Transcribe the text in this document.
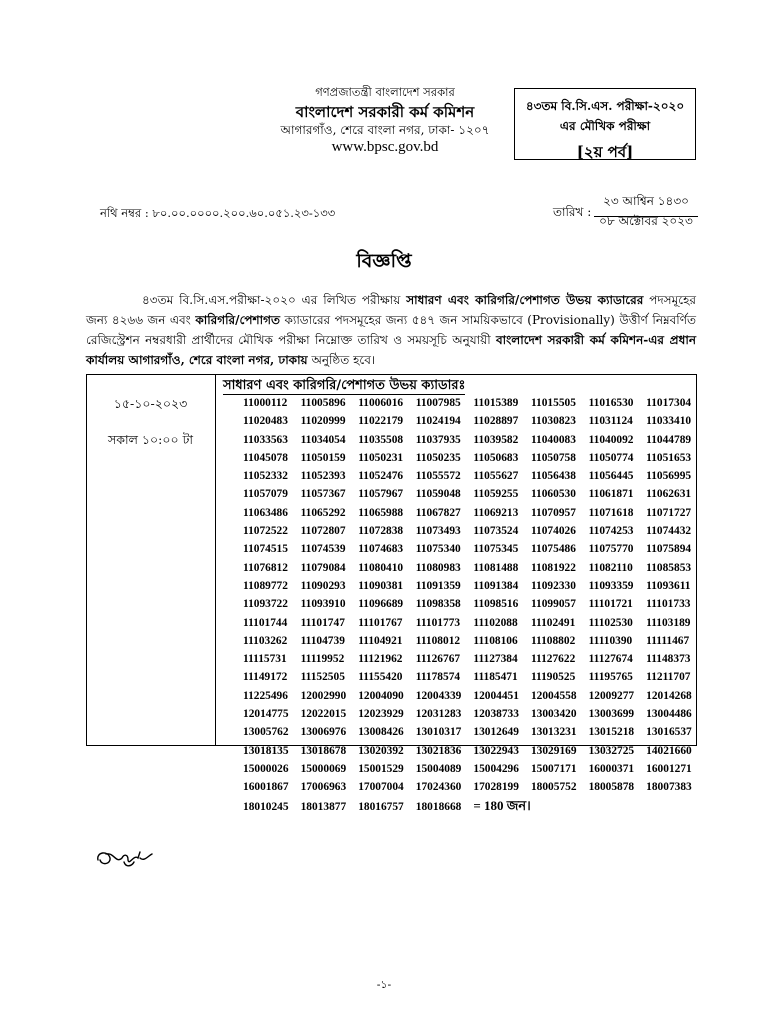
গণপ্রজাতন্ত্রী বাংলাদেশ সরকার
বাংলাদেশ সরকারী কর্ম কমিশন
আগারগাঁও, শেরে বাংলা নগর, ঢাকা- ১২০৭
www.bpsc.gov.bd
৪৩তম বি.সি.এস. পরীক্ষা-২০২০
এর মৌখিক পরীক্ষা
[২য় পর্ব]
নথি নম্বর : ৮০.০০.০০০০.২০০.৬০.০৫১.২৩-১৩৩	তারিখ :
২৩ আশ্বিন ১৪৩০
০৮ অক্টোবর ২০২৩
বিজ্ঞপ্তি
৪৩তম বি.সি.এস.পরীক্ষা-২০২০ এর লিখিত পরীক্ষায় সাধারণ এবং কারিগরি/পেশাগত উভয় ক্যাডারের পদসমূহের জন্য ৪২৬৬ জন এবং কারিগরি/পেশাগত ক্যাডারের পদসমূহের জন্য ৫৪৭ জন সাময়িকভাবে (Provisionally) উত্তীর্ণ নিম্নবর্ণিত রেজিস্ট্রেশন নম্বরধারী প্রার্থীদের মৌখিক পরীক্ষা নিম্নোক্ত তারিখ ও সময়সূচি অনুযায়ী বাংলাদেশ সরকারী কর্ম কমিশন-এর প্রধান কার্যালয় আগারগাঁও, শেরে বাংলা নগর, ঢাকায় অনুষ্ঠিত হবে।
১৫-১০-২০২৩
সকাল ১০:০০ টা
সাধারণ এবং কারিগরি/পেশাগত উভয় ক্যাডারঃ
11000112 11005896 11006016 11007985 11015389 11015505 11016530 11017304
11020483 11020999 11022179 11024194 11028897 11030823 11031124 11033410
11033563 11034054 11035508 11037935 11039582 11040083 11040092 11044789
11045078 11050159 11050231 11050235 11050683 11050758 11050774 11051653
11052332 11052393 11052476 11055572 11055627 11056438 11056445 11056995
11057079 11057367 11057967 11059048 11059255 11060530 11061871 11062631
11063486 11065292 11065988 11067827 11069213 11070957 11071618 11071727
11072522 11072807 11072838 11073493 11073524 11074026 11074253 11074432
11074515 11074539 11074683 11075340 11075345 11075486 11075770 11075894
11076812 11079084 11080410 11080983 11081488 11081922 11082110 11085853
11089772 11090293 11090381 11091359 11091384 11092330 11093359 11093611
11093722 11093910 11096689 11098358 11098516 11099057 11101721 11101733
11101744 11101747 11101767 11101773 11102088 11102491 11102530 11103189
11103262 11104739 11104921 11108012 11108106 11108802 11110390 11111467
11115731 11119952 11121962 11126767 11127384 11127622 11127674 11148373
11149172 11152505 11155420 11178574 11185471 11190525 11195765 11211707
11225496 12002990 12004090 12004339 12004451 12004558 12009277 12014268
12014775 12022015 12023929 12031283 12038733 13003420 13003699 13004486
13005762 13006976 13008426 13010317 13012649 13013231 13015218 13016537
13018135 13018678 13020392 13021836 13022943 13029169 13032725 14021660
15000026 15000069 15001529 15004089 15004296 15007171 16000371 16001271
16001867 17006963 17007004 17024360 17028199 18005752 18005878 18007383
18010245 18013877 18016757 18018668 = 180 জন।
-১-
